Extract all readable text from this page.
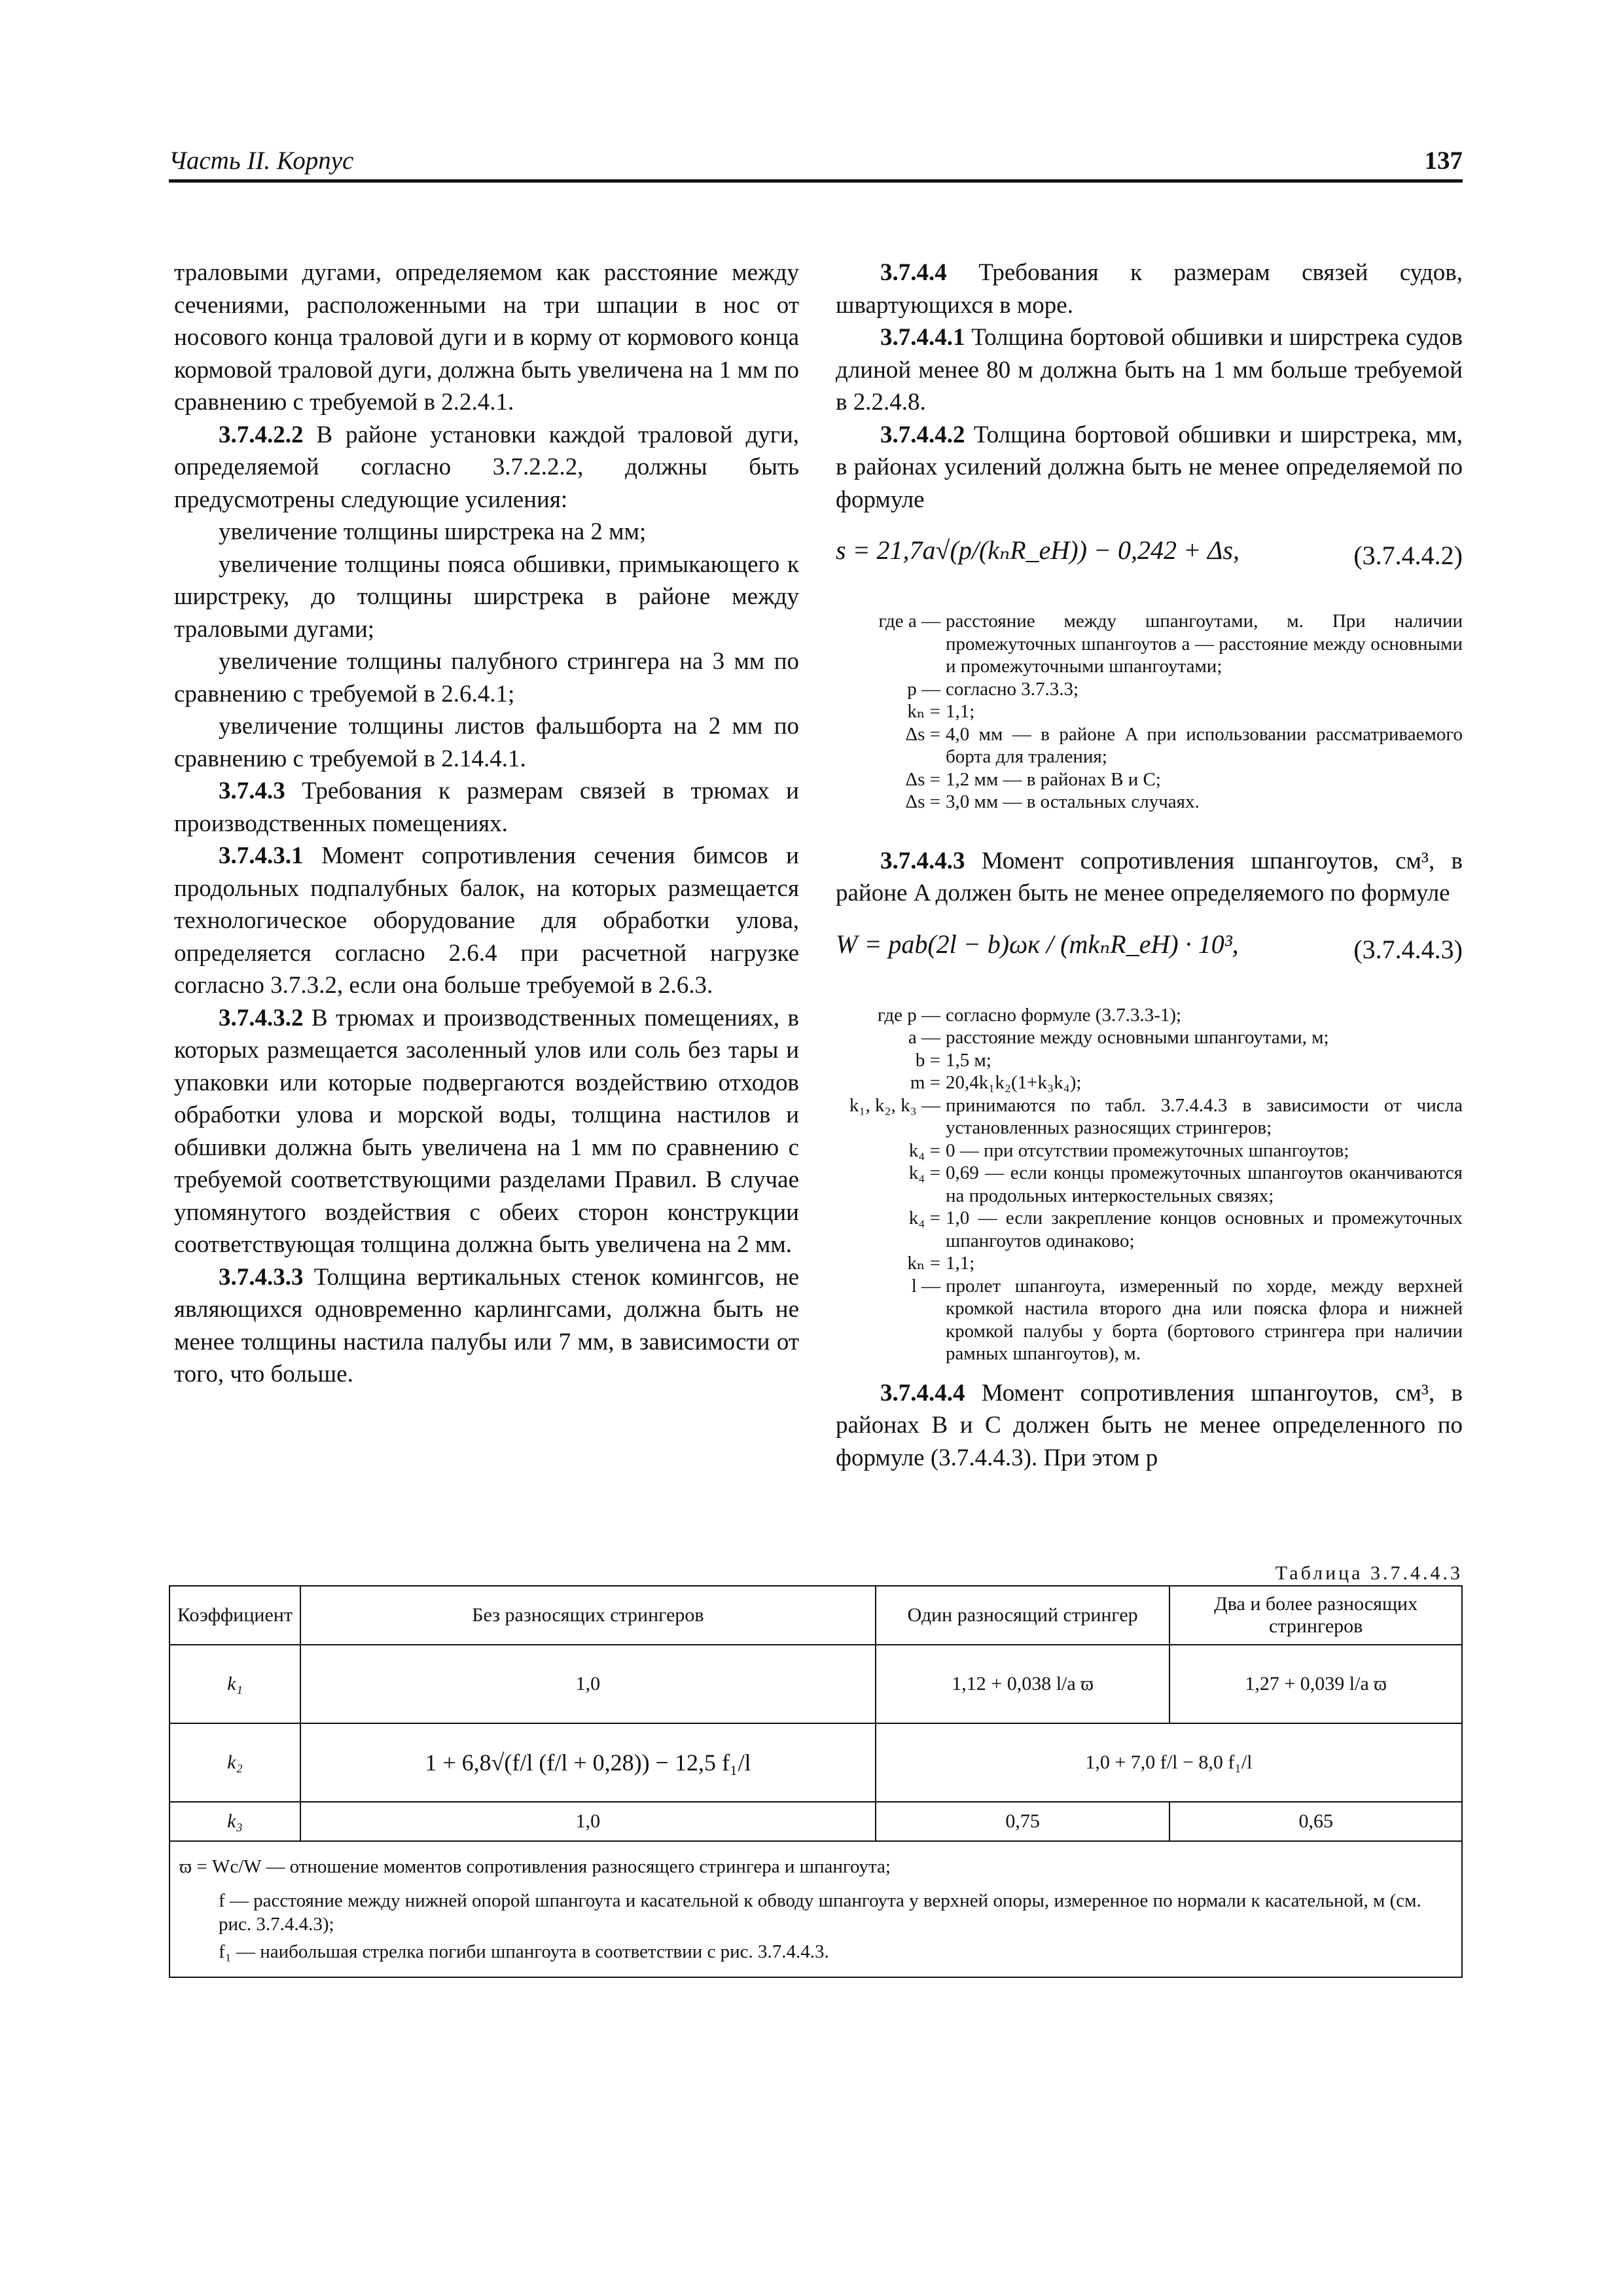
Часть II. Корпус	137

траловыми дугами, определяемом как расстояние между сечениями, расположенными на три шпации в нос от носового конца траловой дуги и в корму от кормового конца кормовой траловой дуги, должна быть увеличена на 1 мм по сравнению с требуемой в 2.2.4.1.

3.7.4.2.2 В районе установки каждой траловой дуги, определяемой согласно 3.7.2.2.2, должны быть предусмотрены следующие усиления:

увеличение толщины ширстрека на 2 мм;

увеличение толщины пояса обшивки, примыкающего к ширстреку, до толщины ширстрека в районе между траловыми дугами;

увеличение толщины палубного стрингера на 3 мм по сравнению с требуемой в 2.6.4.1;

увеличение толщины листов фальшборта на 2 мм по сравнению с требуемой в 2.14.4.1.

3.7.4.3 Требования к размерам связей в трюмах и производственных помещениях.

3.7.4.3.1 Момент сопротивления сечения бимсов и продольных подпалубных балок, на которых размещается технологическое оборудование для обработки улова, определяется согласно 2.6.4 при расчетной нагрузке согласно 3.7.3.2, если она больше требуемой в 2.6.3.

3.7.4.3.2 В трюмах и производственных помещениях, в которых размещается засоленный улов или соль без тары и упаковки или которые подвергаются воздействию отходов обработки улова и морской воды, толщина настилов и обшивки должна быть увеличена на 1 мм по сравнению с требуемой соответствующими разделами Правил. В случае упомянутого воздействия с обеих сторон конструкции соответствующая толщина должна быть увеличена на 2 мм.

3.7.4.3.3 Толщина вертикальных стенок комингсов, не являющихся одновременно карлингсами, должна быть не менее толщины настила палубы или 7 мм, в зависимости от того, что больше.

3.7.4.4 Требования к размерам связей судов, швартующихся в море.

3.7.4.4.1 Толщина бортовой обшивки и ширстрека судов длиной менее 80 м должна быть на 1 мм больше требуемой в 2.2.4.8.

3.7.4.4.2 Толщина бортовой обшивки и ширстрека, мм, в районах усилений должна быть не менее определяемой по формуле

s = 21,7a√(p/(kₙR_eH)) − 0,242 + Δs,	(3.7.4.4.2)
где a — расстояние между шпангоутами, м. При наличии промежуточных шпангоутов a — расстояние между основными и промежуточными шпангоутами;
p — согласно 3.7.3.3;
kₙ = 1,1;
Δs = 4,0 мм — в районе A при использовании рассматриваемого борта для траления;
Δs = 1,2 мм — в районах B и C;
Δs = 3,0 мм — в остальных случаях.

3.7.4.4.3 Момент сопротивления шпангоутов, см³, в районе A должен быть не менее определяемого по формуле

W = pab(2l − b)ωк / (mkₙR_eH) · 10³,	(3.7.4.4.3)
где p — согласно формуле (3.7.3.3-1);
a — расстояние между основными шпангоутами, м;
b = 1,5 м;
m = 20,4k₁k₂(1+k₃k₄);
k₁, k₂, k₃ — принимаются по табл. 3.7.4.4.3 в зависимости от числа установленных разносящих стрингеров;
k₄ = 0 — при отсутствии промежуточных шпангоутов;
k₄ = 0,69 — если концы промежуточных шпангоутов оканчиваются на продольных интеркостельных связях;
k₄ = 1,0 — если закрепление концов основных и промежуточных шпангоутов одинаково;
kₙ = 1,1;
l — пролет шпангоута, измеренный по хорде, между верхней кромкой настила второго дна или пояска флора и нижней кромкой палубы у борта (бортового стрингера при наличии рамных шпангоутов), м.

3.7.4.4.4 Момент сопротивления шпангоутов, см³, в районах B и C должен быть не менее определенного по формуле (3.7.4.4.3). При этом p

Таблица 3.7.4.4.3
Коэффициент	Без разносящих стрингеров	Один разносящий стрингер	Два и более разносящих стрингеров
k₁	1,0	1,12 + 0,038 l/a ϖ	1,27 + 0,039 l/a ϖ
k₂	1 + 6,8√(f/l (f/l + 0,28)) − 12,5 f₁/l	1,0 + 7,0 f/l − 8,0 f₁/l	
k₃	1,0	0,75	0,65

ϖ = Wc/W — отношение моментов сопротивления разносящего стрингера и шпангоута;
f — расстояние между нижней опорой шпангоута и касательной к обводу шпангоута у верхней опоры, измеренное по нормали к касательной, м (см. рис. 3.7.4.4.3);
f₁ — наибольшая стрелка погиби шпангоута в соответствии с рис. 3.7.4.4.3.			
